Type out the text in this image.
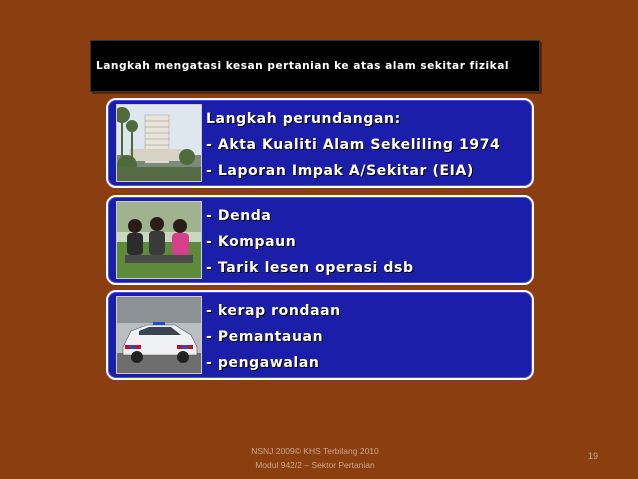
Langkah mengatasi kesan pertanian ke atas alam sekitar fizikal
Langkah perundangan:
- Akta Kualiti Alam Sekeliling 1974
- Laporan Impak A/Sekitar (EIA)
- Denda
- Kompaun
- Tarik lesen operasi dsb
- kerap rondaan
- Pemantauan
- pengawalan
NSNJ 2009© KHS Terbilang 2010
Modul 942/2 – Sektor Pertanian
19
